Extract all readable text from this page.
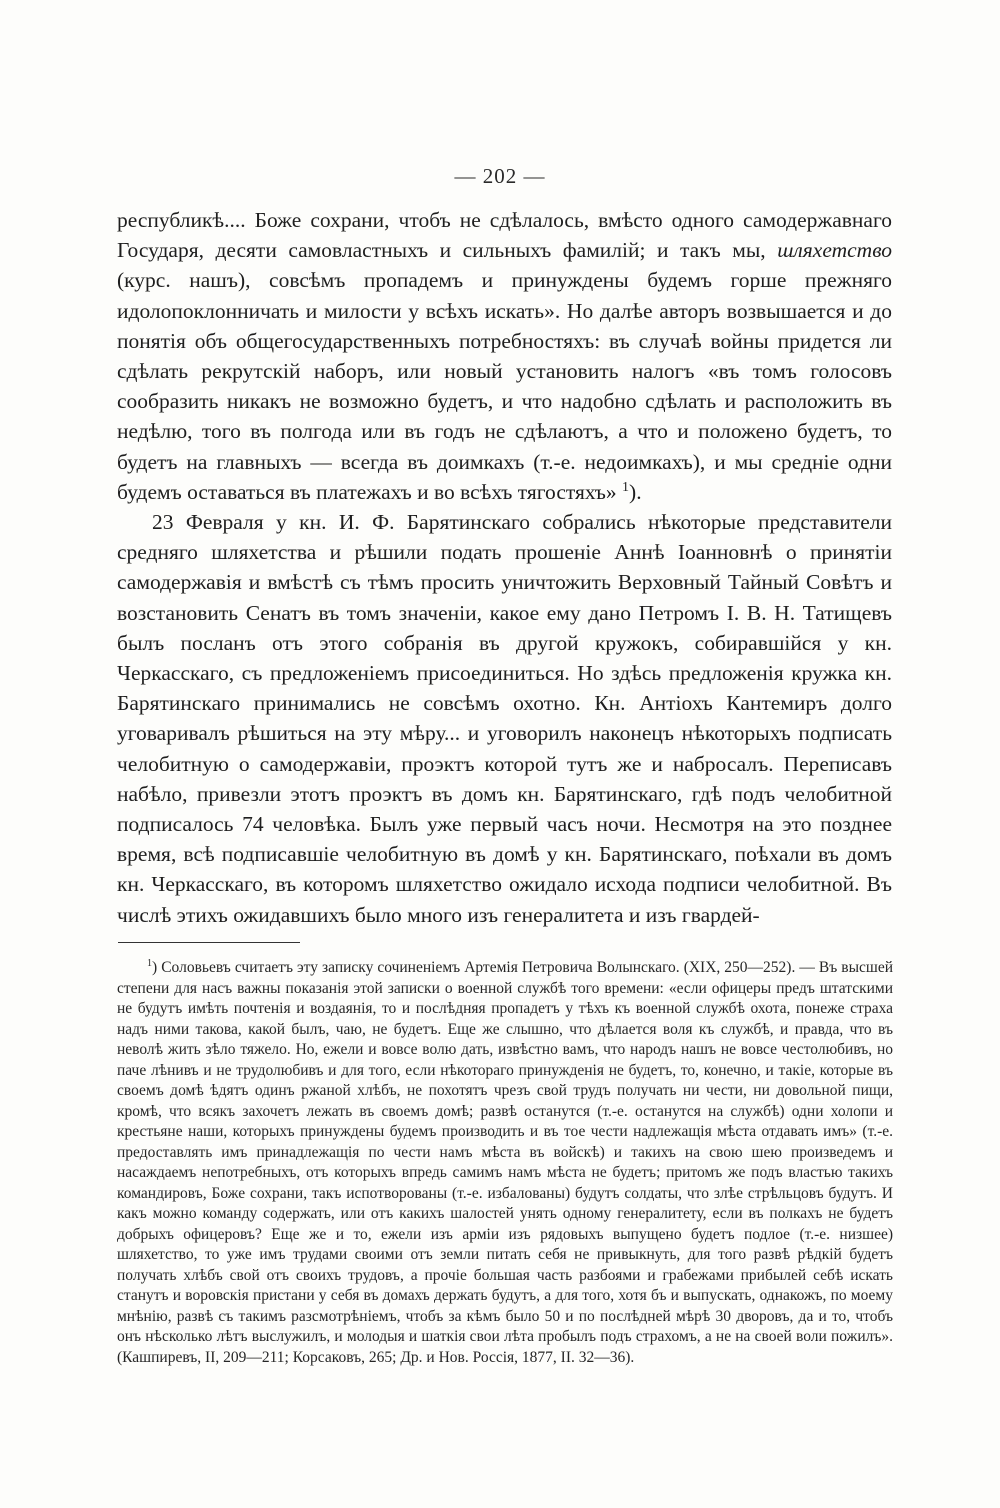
— 202 —

республикѣ.... Боже сохрани, чтобъ не сдѣлалось, вмѣсто одного самодержавнаго Государя, десяти самовластныхъ и сильныхъ фамилій; и такъ мы, шляхетство (курс. нашъ), совсѣмъ пропадемъ и принуждены будемъ горше прежняго идолопоклонничать и милости у всѣхъ искать». Но далѣе авторъ возвышается и до понятія объ общегосударственныхъ потребностяхъ: въ случаѣ войны придется ли сдѣлать рекрутскій наборъ, или новый установить налогъ «въ томъ голосовъ сообразить никакъ не возможно будетъ, и что надобно сдѣлать и расположить въ недѣлю, того въ полгода или въ годъ не сдѣлаютъ, а что и положено будетъ, то будетъ на главныхъ — всегда въ доимкахъ (т.-е. недоимкахъ), и мы средніе одни будемъ оставаться въ платежахъ и во всѣхъ тягостяхъ» $^1$).

23 Февраля у кн. И. Ф. Барятинскаго собрались нѣкоторые представители средняго шляхетства и рѣшили подать прошеніе Аннѣ Іоанновнѣ о принятіи самодержавія и вмѣстѣ съ тѣмъ просить уничтожить Верховный Тайный Совѣтъ и возстановить Сенатъ въ томъ значеніи, какое ему дано Петромъ I. В. Н. Татищевъ былъ посланъ отъ этого собранія въ другой кружокъ, собиравшійся у кн. Черкасскаго, съ предложеніемъ присоединиться. Но здѣсь предложенія кружка кн. Барятинскаго принимались не совсѣмъ охотно. Кн. Антіохъ Кантемиръ долго уговаривалъ рѣшиться на эту мѣру... и уговорилъ наконецъ нѣкоторыхъ подписать челобитную о самодержавіи, проэктъ которой тутъ же и набросалъ. Переписавъ набѣло, привезли этотъ проэктъ въ домъ кн. Барятинскаго, гдѣ подъ челобитной подписалось 74 человѣка. Былъ уже первый часъ ночи. Несмотря на это позднее время, всѣ подписавшіе челобитную въ домѣ у кн. Барятинскаго, поѣхали въ домъ кн. Черкасскаго, въ которомъ шляхетство ожидало исхода подписи челобитной. Въ числѣ этихъ ожидавшихъ было много изъ генералитета и изъ гвардей-

$^1$) Соловьевъ считаетъ эту записку сочиненіемъ Артемія Петровича Волынскаго. (XIX, 250—252). — Въ высшей степени для насъ важны показанія этой записки о военной службѣ того времени: «если офицеры предъ штатскими не будутъ имѣть почтенія и воздаянія, то и послѣдняя пропадетъ у тѣхъ къ военной службѣ охота, понеже страха надъ ними такова, какой былъ, чаю, не будетъ. Еще же слышно, что дѣлается воля къ службѣ, и правда, что въ неволѣ жить зѣло тяжело. Но, ежели и вовсе волю дать, извѣстно вамъ, что народъ нашъ не вовсе честолюбивъ, но паче лѣнивъ и не трудолюбивъ и для того, если нѣкотораго принужденія не будетъ, то, конечно, и такіе, которые въ своемъ домѣ ѣдятъ одинъ ржаной хлѣбъ, не похотятъ чрезъ свой трудъ получать ни чести, ни довольной пищи, кромѣ, что всякъ захочетъ лежать въ своемъ домѣ; развѣ останутся (т.-е. останутся на службѣ) одни холопи и крестьяне наши, которыхъ принуждены будемъ производить и въ тое чести надлежащія мѣста отдавать имъ» (т.-е. предоставлять имъ принадлежащія по чести намъ мѣста въ войскѣ) и такихъ на свою шею произведемъ и насаждаемъ непотребныхъ, отъ которыхъ впредь самимъ намъ мѣста не будетъ; притомъ же подъ властью такихъ командировъ, Боже сохрани, такъ испотворованы (т.-е. избалованы) будутъ солдаты, что злѣе стрѣльцовъ будутъ. И какъ можно команду содержать, или отъ какихъ шалостей унять одному генералитету, если въ полкахъ не будетъ добрыхъ офицеровъ? Еще же и то, ежели изъ арміи изъ рядовыхъ выпущено будетъ подлое (т.-е. низшее) шляхетство, то уже имъ трудами своими отъ земли питать себя не привыкнуть, для того развѣ рѣдкій будетъ получать хлѣбъ свой отъ своихъ трудовъ, а прочіе большая часть разбоями и грабежами прибылей себѣ искать станутъ и воровскія пристани у себя въ домахъ держать будутъ, а для того, хотя бъ и выпускать, однакожъ, по моему мнѣнію, развѣ съ такимъ разсмотрѣніемъ, чтобъ за кѣмъ было 50 и по послѣдней мѣрѣ 30 дворовъ, да и то, чтобъ онъ нѣсколько лѣтъ выслужилъ, и молодыя и шаткія свои лѣта пробылъ подъ страхомъ, а не на своей воли пожилъ». (Кашпиревъ, II, 209—211; Корсаковъ, 265; Др. и Нов. Россія, 1877, II. 32—36).
